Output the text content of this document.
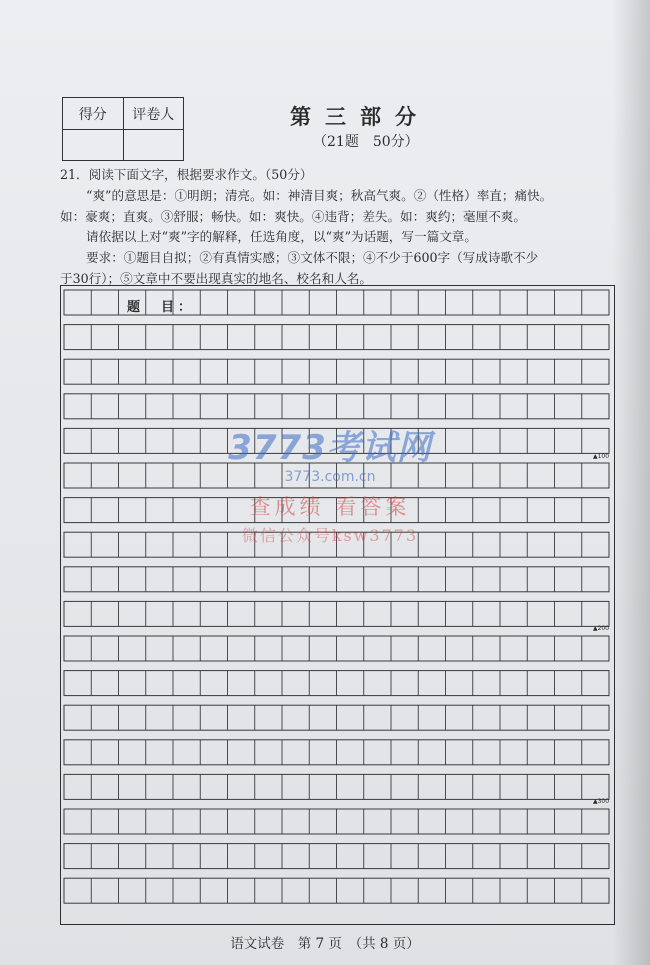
得分	评卷人	第三部分
（21题　50分）

21．阅读下面文字，根据要求作文。（50分）

“爽”的意思是：①明朗；清亮。如：神清目爽；秋高气爽。②（性格）率直；痛快。

如：豪爽；直爽。③舒服；畅快。如：爽快。④违背；差失。如：爽约；毫厘不爽。

请依据以上对“爽”字的解释，任选角度，以“爽”为话题，写一篇文章。

要求：①题目自拟；②有真情实感；③文体不限；④不少于600字（写成诗歌不少

于30行）；⑤文章中不要出现真实的地名、校名和人名。

题　目：
▲100
▲200
▲300
3773考试网
3773.com.cn
查成绩 看答案
微信公众号ksw3773
语文试卷　第 7 页　（共 8 页）
